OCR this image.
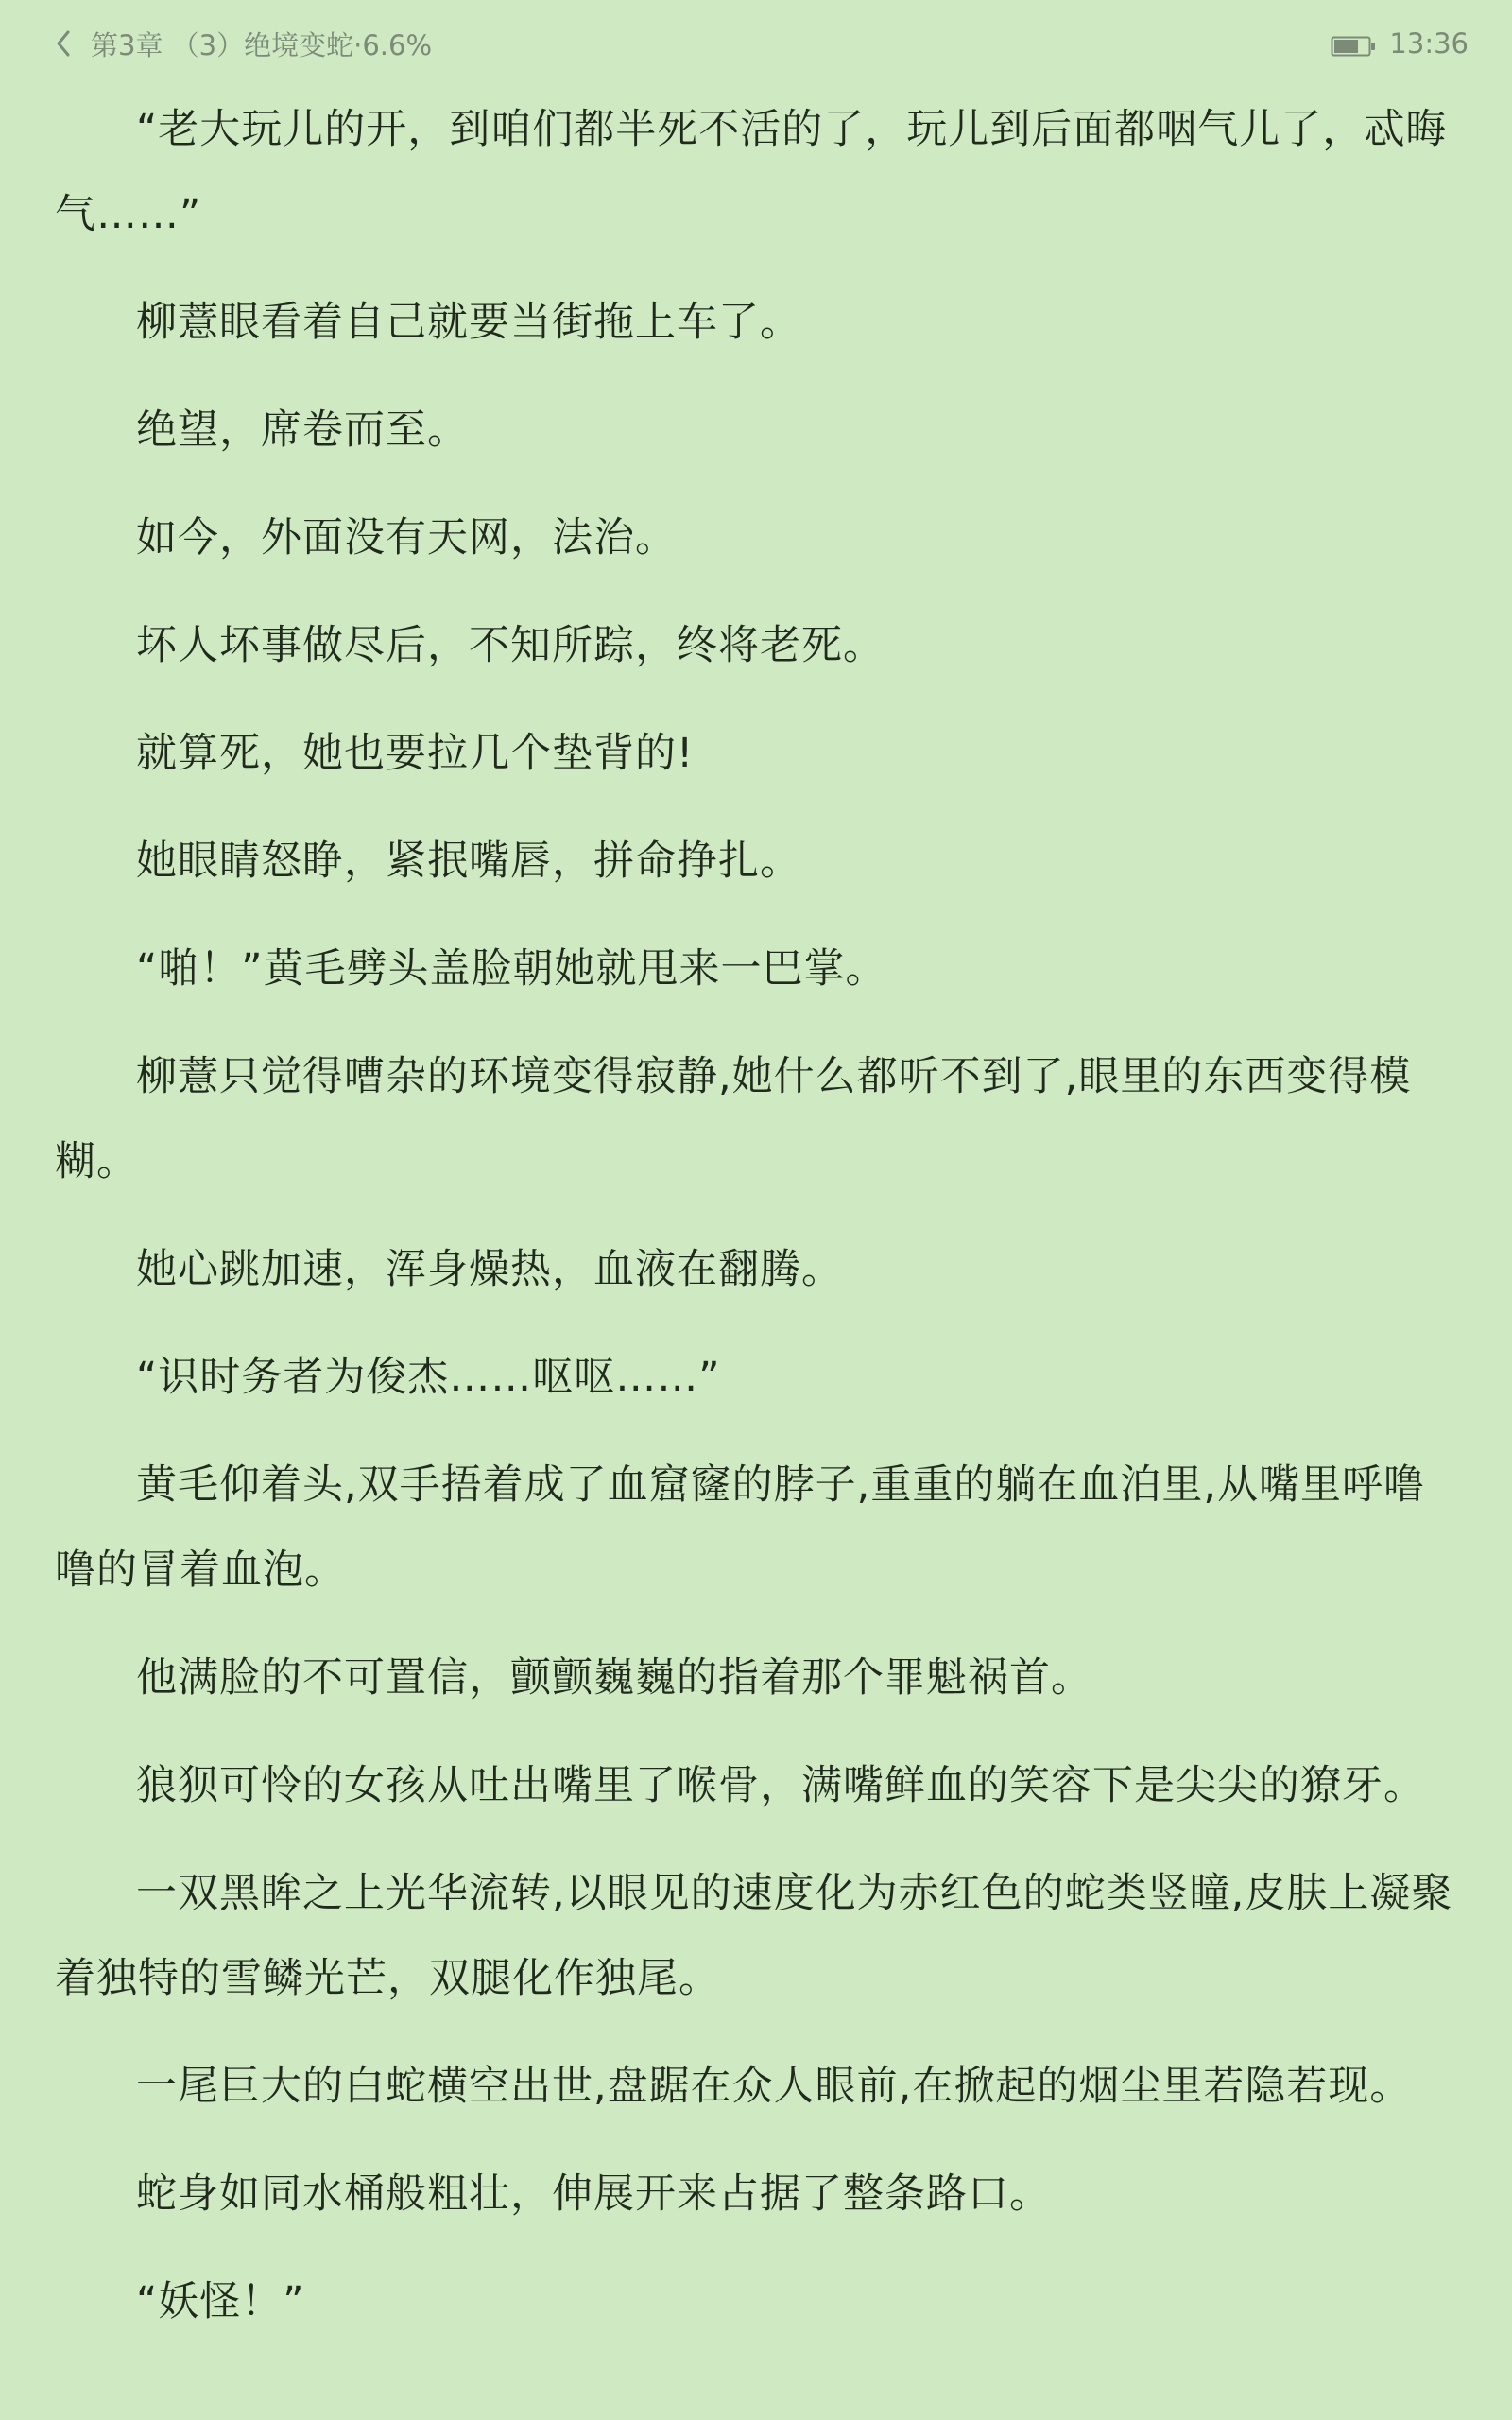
第3章 （3）绝境变蛇·6.6%	13:36

“老大玩儿的开，到咱们都半死不活的了，玩儿到后面都咽气儿了，忒晦气……”

柳薏眼看着自己就要当街拖上车了。

绝望，席卷而至。

如今，外面没有天网，法治。

坏人坏事做尽后，不知所踪，终将老死。

就算死，她也要拉几个垫背的!

她眼睛怒睁，紧抿嘴唇，拼命挣扎。

“啪！”黄毛劈头盖脸朝她就甩来一巴掌。

柳薏只觉得嘈杂的环境变得寂静,她什么都听不到了,眼里的东西变得模糊。

她心跳加速，浑身燥热，血液在翻腾。

“识时务者为俊杰……呕呕……”

黄毛仰着头,双手捂着成了血窟窿的脖子,重重的躺在血泊里,从嘴里呼噜噜的冒着血泡。

他满脸的不可置信，颤颤巍巍的指着那个罪魁祸首。

狼狈可怜的女孩从吐出嘴里了喉骨，满嘴鲜血的笑容下是尖尖的獠牙。

一双黑眸之上光华流转,以眼见的速度化为赤红色的蛇类竖瞳,皮肤上凝聚着独特的雪鳞光芒，双腿化作独尾。

一尾巨大的白蛇横空出世,盘踞在众人眼前,在掀起的烟尘里若隐若现。

蛇身如同水桶般粗壮，伸展开来占据了整条路口。

“妖怪！”
